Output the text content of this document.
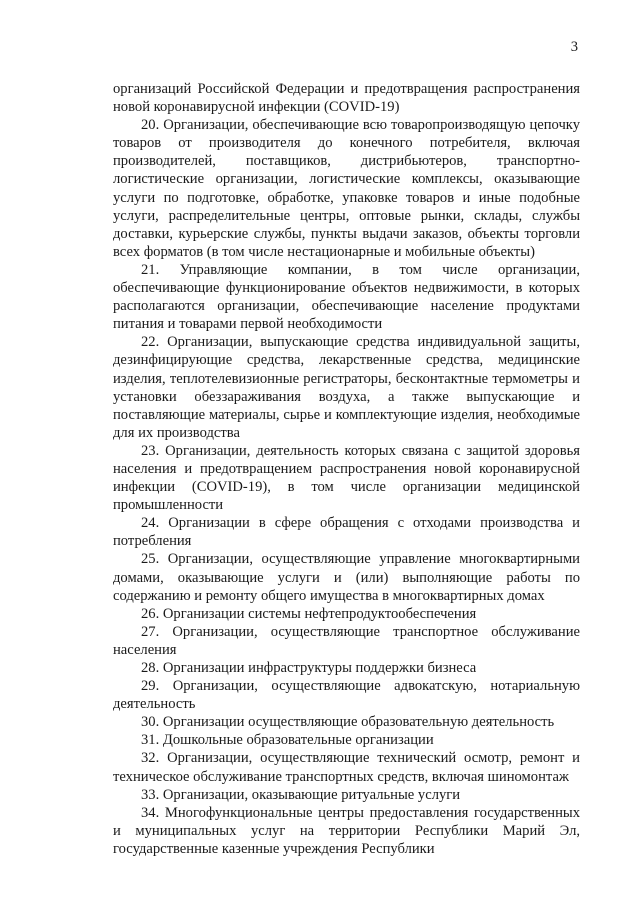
3

организаций Российской Федерации и предотвращения распространения новой коронавирусной инфекции (COVID-19)

20. Организации, обеспечивающие всю товаропроизводящую цепочку товаров от производителя до конечного потребителя, включая производителей, поставщиков, дистрибьютеров, транспортно-логистические организации, логистические комплексы, оказывающие услуги по подготовке, обработке, упаковке товаров и иные подобные услуги, распределительные центры, оптовые рынки, склады, службы доставки, курьерские службы, пункты выдачи заказов, объекты торговли всех форматов (в том числе нестационарные и мобильные объекты)

21. Управляющие компании, в том числе организации, обеспечивающие функционирование объектов недвижимости, в которых располагаются организации, обеспечивающие население продуктами питания и товарами первой необходимости

22. Организации, выпускающие средства индивидуальной защиты, дезинфицирующие средства, лекарственные средства, медицинские изделия, теплотелевизионные регистраторы, бесконтактные термометры и установки обеззараживания воздуха, а также выпускающие и поставляющие материалы, сырье и комплектующие изделия, необходимые для их производства

23. Организации, деятельность которых связана с защитой здоровья населения и предотвращением распространения новой коронавирусной инфекции (COVID-19), в том числе организации медицинской промышленности

24. Организации в сфере обращения с отходами производства и потребления

25. Организации, осуществляющие управление многоквартирными домами, оказывающие услуги и (или) выполняющие работы по содержанию и ремонту общего имущества в многоквартирных домах

26. Организации системы нефтепродуктообеспечения

27. Организации, осуществляющие транспортное обслуживание населения

28. Организации инфраструктуры поддержки бизнеса

29. Организации, осуществляющие адвокатскую, нотариальную деятельность

30. Организации осуществляющие образовательную деятельность

31. Дошкольные образовательные организации

32. Организации, осуществляющие технический осмотр, ремонт и техническое обслуживание транспортных средств, включая шиномонтаж

33. Организации, оказывающие ритуальные услуги

34. Многофункциональные центры предоставления государственных и муниципальных услуг на территории Республики Марий Эл, государственные казенные учреждения Республики
